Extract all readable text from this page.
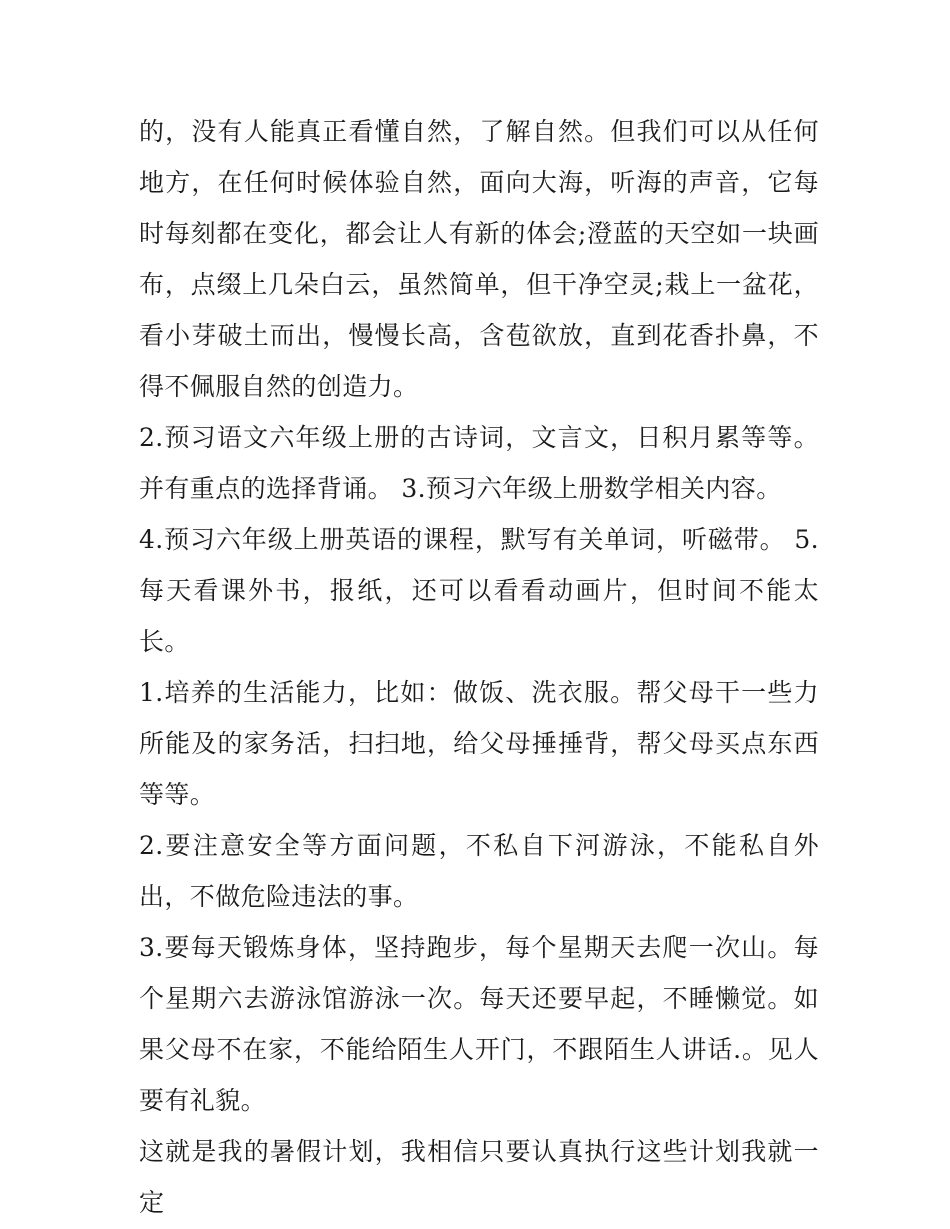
的，没有人能真正看懂自然，了解自然。但我们可以从任何地方，在任何时候体验自然，面向大海，听海的声音，它每时每刻都在变化，都会让人有新的体会;澄蓝的天空如一块画布，点缀上几朵白云，虽然简单，但干净空灵;栽上一盆花，看小芽破土而出，慢慢长高，含苞欲放，直到花香扑鼻，不得不佩服自然的创造力。

2.预习语文六年级上册的古诗词，文言文，日积月累等等。并有重点的选择背诵。 3.预习六年级上册数学相关内容。

4.预习六年级上册英语的课程，默写有关单词，听磁带。 5.每天看课外书，报纸，还可以看看动画片，但时间不能太长。

1.培养的生活能力，比如：做饭、洗衣服。帮父母干一些力所能及的家务活，扫扫地，给父母捶捶背，帮父母买点东西等等。

2.要注意安全等方面问题，不私自下河游泳，不能私自外出，不做危险违法的事。

3.要每天锻炼身体，坚持跑步，每个星期天去爬一次山。每个星期六去游泳馆游泳一次。每天还要早起，不睡懒觉。如果父母不在家，不能给陌生人开门，不跟陌生人讲话.。见人要有礼貌。

这就是我的暑假计划，我相信只要认真执行这些计划我就一定
